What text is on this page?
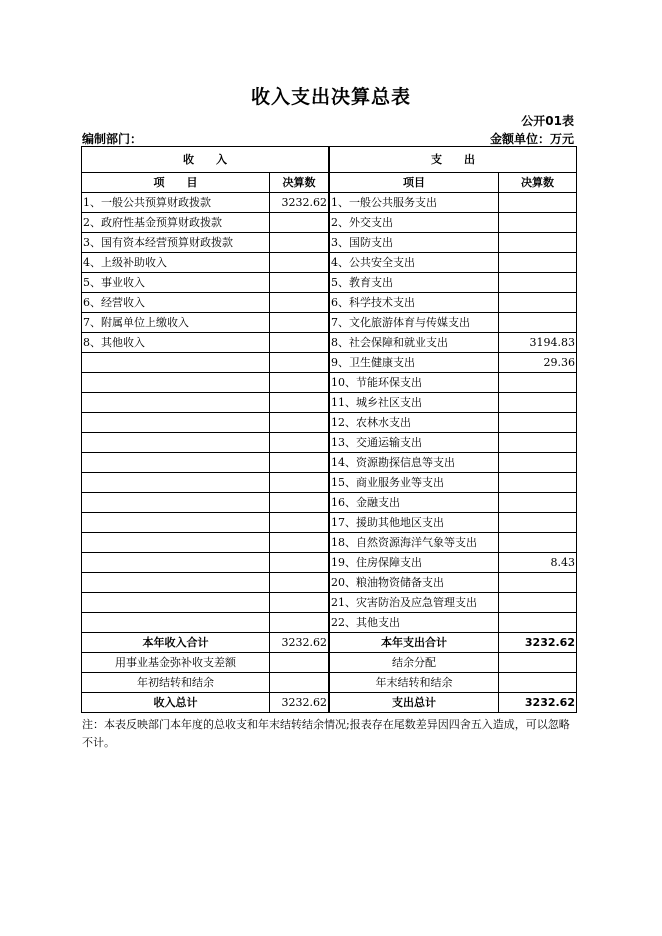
收入支出决算总表
公开01表
编制部门：	金额单位：万元
收　　入		支　　出	
项　　目	决算数		项目	决算数
1、一般公共预算财政拨款	3232.62		1、一般公共服务支出	
2、政府性基金预算财政拨款			2、外交支出	
3、国有资本经营预算财政拨款			3、国防支出	
4、上级补助收入			4、公共安全支出	
5、事业收入			5、教育支出	
6、经营收入			6、科学技术支出	
7、附属单位上缴收入			7、文化旅游体育与传媒支出	
8、其他收入			8、社会保障和就业支出	3194.83
			9、卫生健康支出	29.36
			10、节能环保支出	
			11、城乡社区支出	
			12、农林水支出	
			13、交通运输支出	
			14、资源勘探信息等支出	
			15、商业服务业等支出	
			16、金融支出	
			17、援助其他地区支出	
			18、自然资源海洋气象等支出	
			19、住房保障支出	8.43
			20、粮油物资储备支出	
			21、灾害防治及应急管理支出	
			22、其他支出	
本年收入合计	3232.62		本年支出合计	3232.62
用事业基金弥补收支差额			结余分配	
年初结转和结余			年末结转和结余	
收入总计	3232.62		支出总计	3232.62
注：本表反映部门本年度的总收支和年末结转结余情况;报表存在尾数差异因四舍五入造成，可以忽略不计。
